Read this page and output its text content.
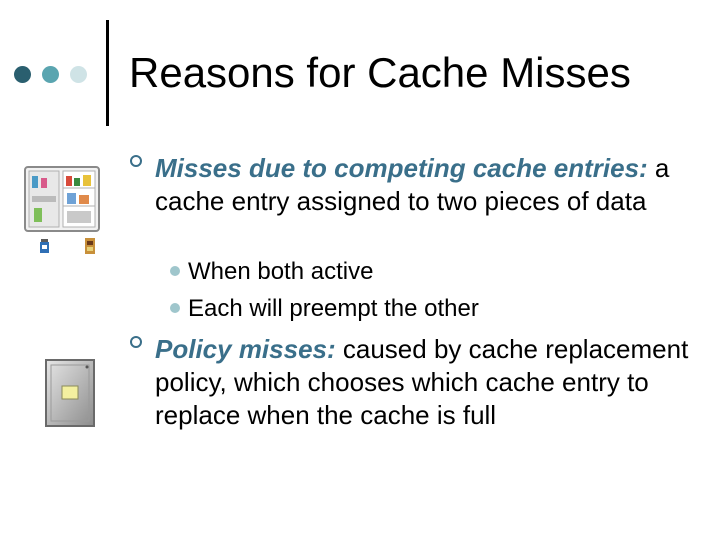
Reasons for Cache Misses
Misses due to competing cache entries: a cache entry assigned to two pieces of data
When both active
Each will preempt the other
Policy misses: caused by cache replacement policy, which chooses which cache entry to replace when the cache is full
